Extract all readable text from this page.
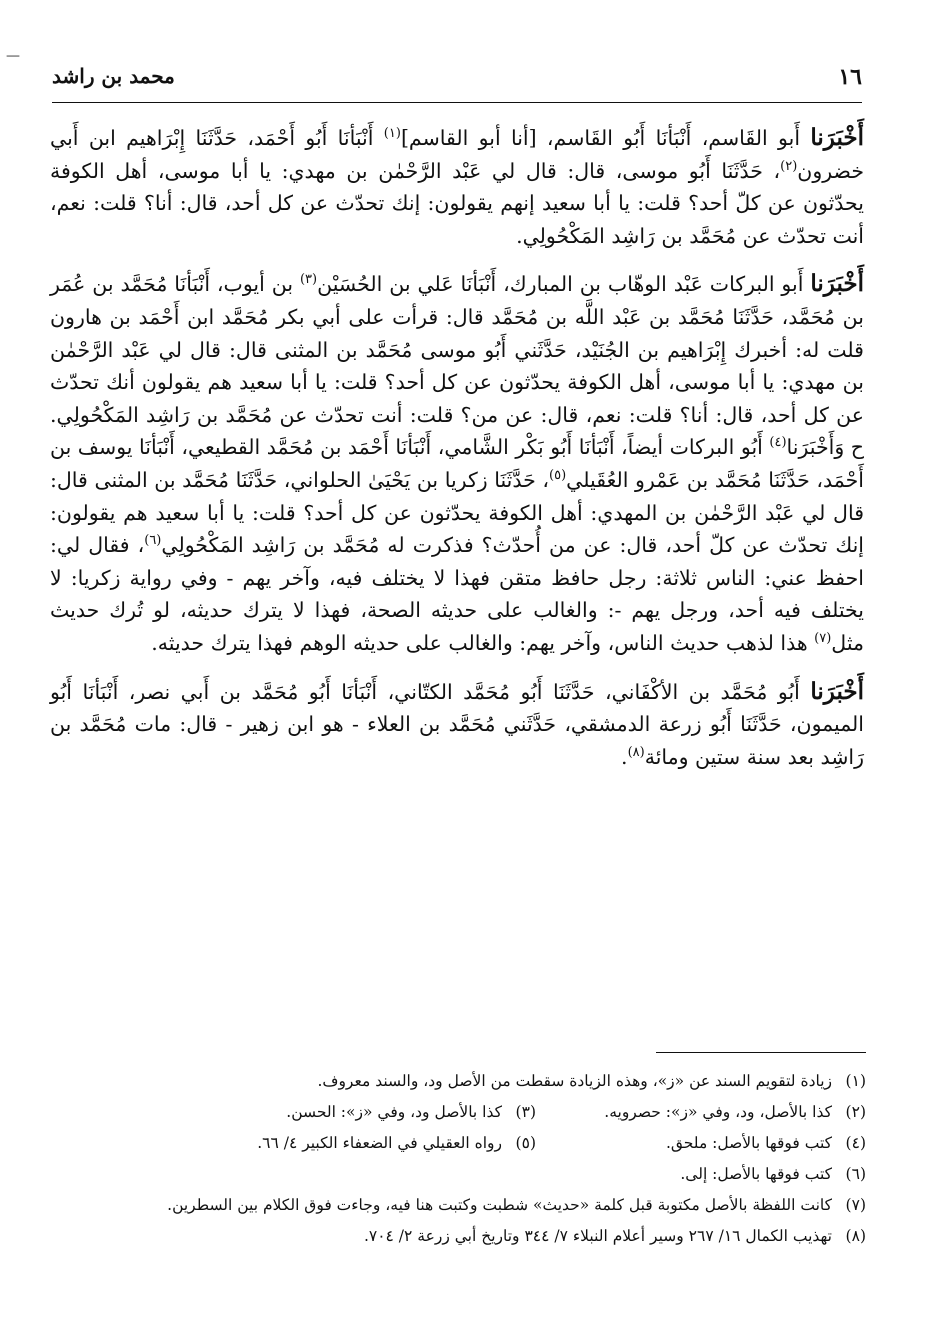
—
١٦
محمد بن راشد

أَخْبَرَنا أَبو القَاسم، أَنْبَأنَا أَبُو القَاسم، [أنا أبو القاسم]$^{(١)}$ أَنْبَأنَا أَبُو أَحْمَد، حَدَّثَنَا إِبْرَاهيم ابن أَبي خضرون$^{(٢)}$، حَدَّثَنَا أَبُو موسى، قال: قال لي عَبْد الرَّحْمٰن بن مهدي: يا أبا موسى، أهل الكوفة يحدّثون عن كلّ أحد؟ قلت: يا أبا سعيد إنهم يقولون: إنك تحدّث عن كل أحد، قال: أنا؟ قلت: نعم، أنت تحدّث عن مُحَمَّد بن رَاشِد المَكْحُولِي.

أَخْبَرَنا أَبو البركات عَبْد الوهّاب بن المبارك، أَنْبَأنَا عَلي بن الحُسَيْن$^{(٣)}$ بن أيوب، أَنْبَأنَا مُحَمَّد بن عُمَر بن مُحَمَّد، حَدَّثَنَا مُحَمَّد بن عَبْد اللَّه بن مُحَمَّد قال: قرأت على أبي بكر مُحَمَّد ابن أَحْمَد بن هارون قلت له: أخبرك إِبْرَاهيم بن الجُنَيْد، حَدَّثَني أَبُو موسى مُحَمَّد بن المثنى قال: قال لي عَبْد الرَّحْمٰن بن مهدي: يا أبا موسى، أهل الكوفة يحدّثون عن كل أحد؟ قلت: يا أبا سعيد هم يقولون أنك تحدّث عن كل أحد، قال: أنا؟ قلت: نعم، قال: عن من؟ قلت: أنت تحدّث عن مُحَمَّد بن رَاشِد المَكْحُولِي. ح وَأَخْبَرَنا$^{(٤)}$ أَبُو البركات أيضاً، أَنْبَأنَا أَبُو بَكْر الشَّامي، أَنْبَأنَا أَحْمَد بن مُحَمَّد القطيعي، أَنْبَأنَا يوسف بن أَحْمَد، حَدَّثَنَا مُحَمَّد بن عَمْرو العُقَيلي$^{(٥)}$، حَدَّثَنَا زكريا بن يَحْيَىٰ الحلواني، حَدَّثَنَا مُحَمَّد بن المثنى قال: قال لي عَبْد الرَّحْمٰن بن المهدي: أهل الكوفة يحدّثون عن كل أحد؟ قلت: يا أبا سعيد هم يقولون: إنك تحدّث عن كلّ أحد، قال: عن من أُحدّث؟ فذكرت له مُحَمَّد بن رَاشِد المَكْحُولِي$^{(٦)}$، فقال لي: احفظ عني: الناس ثلاثة: رجل حافظ متقن فهذا لا يختلف فيه، وآخر يهم - وفي رواية زكريا: لا يختلف فيه أحد، ورجل يهم -: والغالب على حديثه الصحة، فهذا لا يترك حديثه، لو تُرك حديث مثل$^{(٧)}$ هذا لذهب حديث الناس، وآخر يهم: والغالب على حديثه الوهم فهذا يترك حديثه.

أَخْبَرَنا أَبُو مُحَمَّد بن الأكْفَاني، حَدَّثَنَا أَبُو مُحَمَّد الكتّاني، أَنْبَأنَا أَبُو مُحَمَّد بن أَبي نصر، أَنْبَأنَا أَبُو الميمون، حَدَّثَنَا أَبُو زرعة الدمشقي، حَدَّثَني مُحَمَّد بن العلاء - هو ابن زهير - قال: مات مُحَمَّد بن رَاشِد بعد سنة ستين ومائة$^{(٨)}$.

(١)
زيادة لتقويم السند عن «ز»، وهذه الزيادة سقطت من الأصل ود، والسند معروف.
(٢)
كذا بالأصل، ود، وفي «ز»: حصرويه.
(٣)
كذا بالأصل ود، وفي «ز»: الحسن.
(٤)
كتب فوقها بالأصل: ملحق.
(٥)
رواه العقيلي في الضعفاء الكبير ٤/ ٦٦.
(٦)
كتب فوقها بالأصل: إلى.
(٧)
كانت اللفظة بالأصل مكتوبة قبل كلمة «حديث» شطبت وكتبت هنا فيه، وجاءت فوق الكلام بين السطرين.
(٨)
تهذيب الكمال ١٦/ ٢٦٧ وسير أعلام النبلاء ٧/ ٣٤٤ وتاريخ أبي زرعة ٢/ ٧٠٤.
